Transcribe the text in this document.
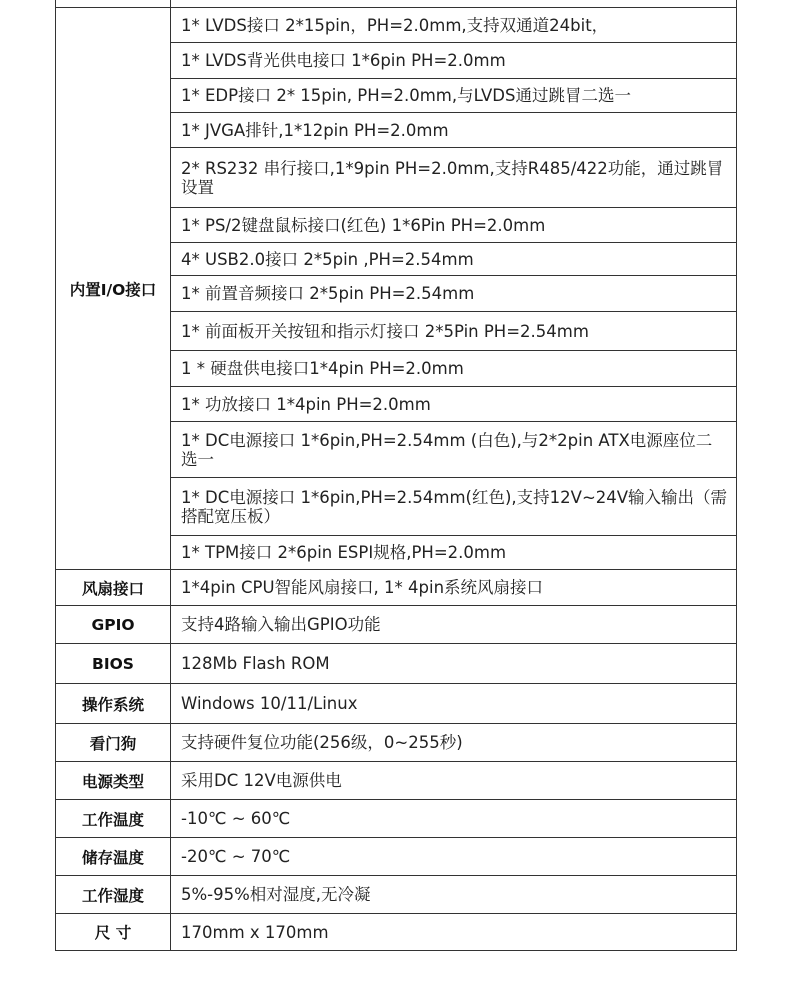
内置I/O接口	1* LVDS接口 2*15pin，PH=2.0mm,支持双通道24bit，
	1* LVDS背光供电接口 1*6pin PH=2.0mm
	1* EDP接口 2* 15pin, PH=2.0mm,与LVDS通过跳冒二选一
	1* JVGA排针,1*12pin PH=2.0mm
	2* RS232 串行接口,1*9pin PH=2.0mm,支持R485/422功能，通过跳冒设置
	1* PS/2键盘鼠标接口(红色) 1*6Pin PH=2.0mm
	4* USB2.0接口 2*5pin ,PH=2.54mm
	1* 前置音频接口 2*5pin PH=2.54mm
	1* 前面板开关按钮和指示灯接口 2*5Pin PH=2.54mm
	1 * 硬盘供电接口1*4pin PH=2.0mm
	1* 功放接口 1*4pin PH=2.0mm
	1* DC电源接口 1*6pin,PH=2.54mm (白色),与2*2pin ATX电源座位二选一
	1* DC电源接口 1*6pin,PH=2.54mm(红色),支持12V~24V输入输出（需搭配宽压板）
	1* TPM接口 2*6pin ESPI规格,PH=2.0mm
风扇接口	1*4pin CPU智能风扇接口, 1* 4pin系统风扇接口
GPIO	支持4路输入输出GPIO功能
BIOS	128Mb Flash ROM
操作系统	Windows 10/11/Linux
看门狗	支持硬件复位功能(256级，0~255秒)
电源类型	采用DC 12V电源供电
工作温度	-10℃ ~ 60℃
储存温度	-20℃ ~ 70℃
工作湿度	5%-95%相对湿度,无冷凝
尺 寸	170mm x 170mm
